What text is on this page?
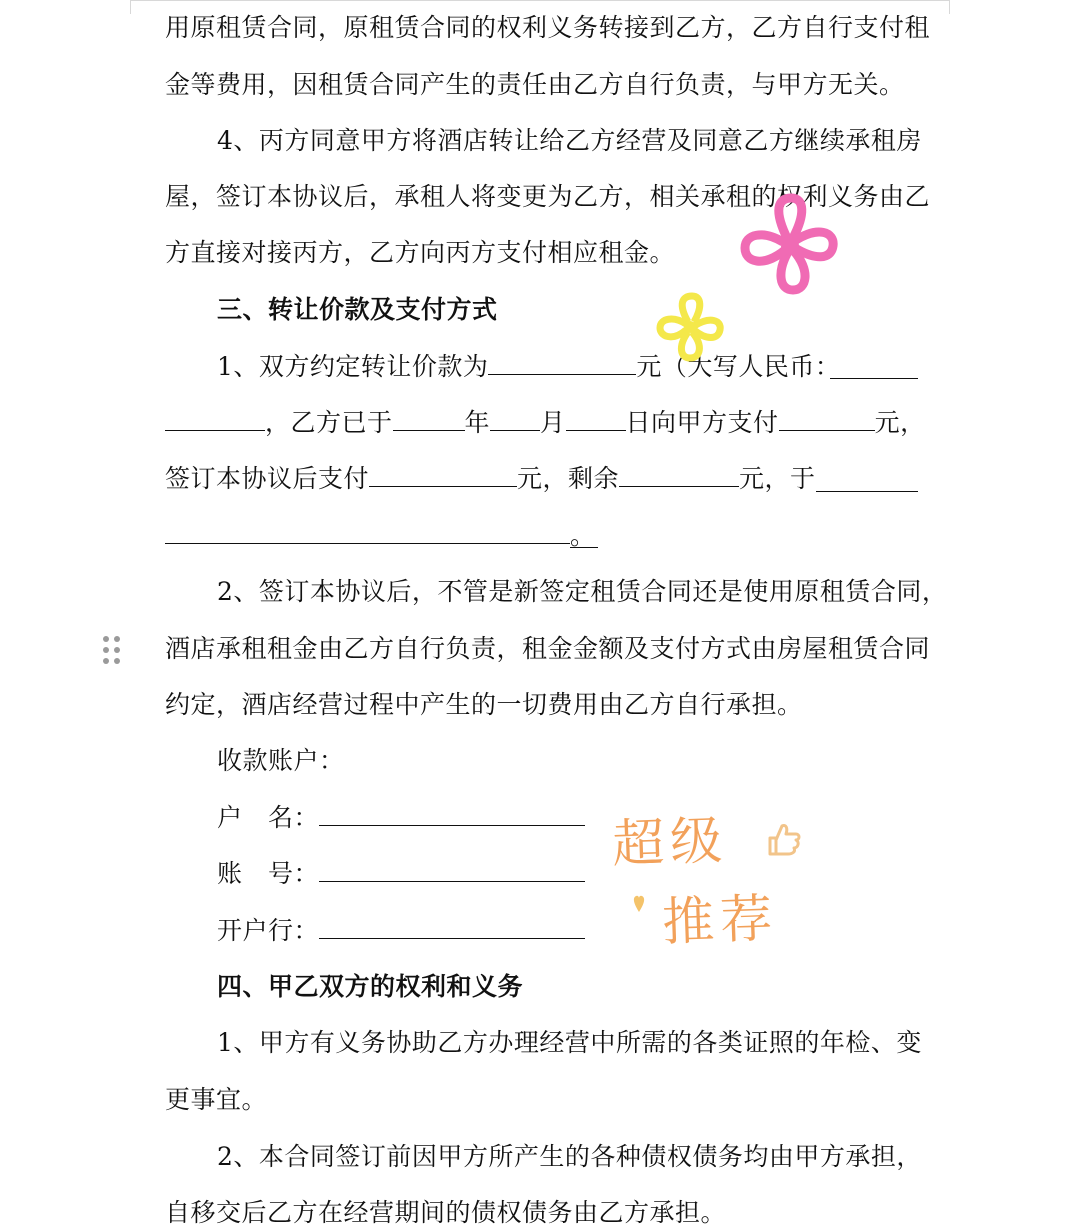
用原租赁合同，原租赁合同的权利义务转接到乙方，乙方自行支付租
金等费用，因租赁合同产生的责任由乙方自行负责，与甲方无关。
4、丙方同意甲方将酒店转让给乙方经营及同意乙方继续承租房
屋，签订本协议后，承租人将变更为乙方，相关承租的权利义务由乙
方直接对接丙方，乙方向丙方支付相应租金。
三、转让价款及支付方式
1、双方约定转让价款为	元（大写人民币：
，乙方已于	年 月 日向甲方支付	元，
签订本协议后支付	元，剩余	元，于
。
2、签订本协议后，不管是新签定租赁合同还是使用原租赁合同，
酒店承租租金由乙方自行负责，租金金额及支付方式由房屋租赁合同
约定，酒店经营过程中产生的一切费用由乙方自行承担。
收款账户：
户　名：
账　号：
开户行：
四、甲乙双方的权利和义务
1、甲方有义务协助乙方办理经营中所需的各类证照的年检、变
更事宜。
2、本合同签订前因甲方所产生的各种债权债务均由甲方承担，
自移交后乙方在经营期间的债权债务由乙方承担。
超级
推荐
